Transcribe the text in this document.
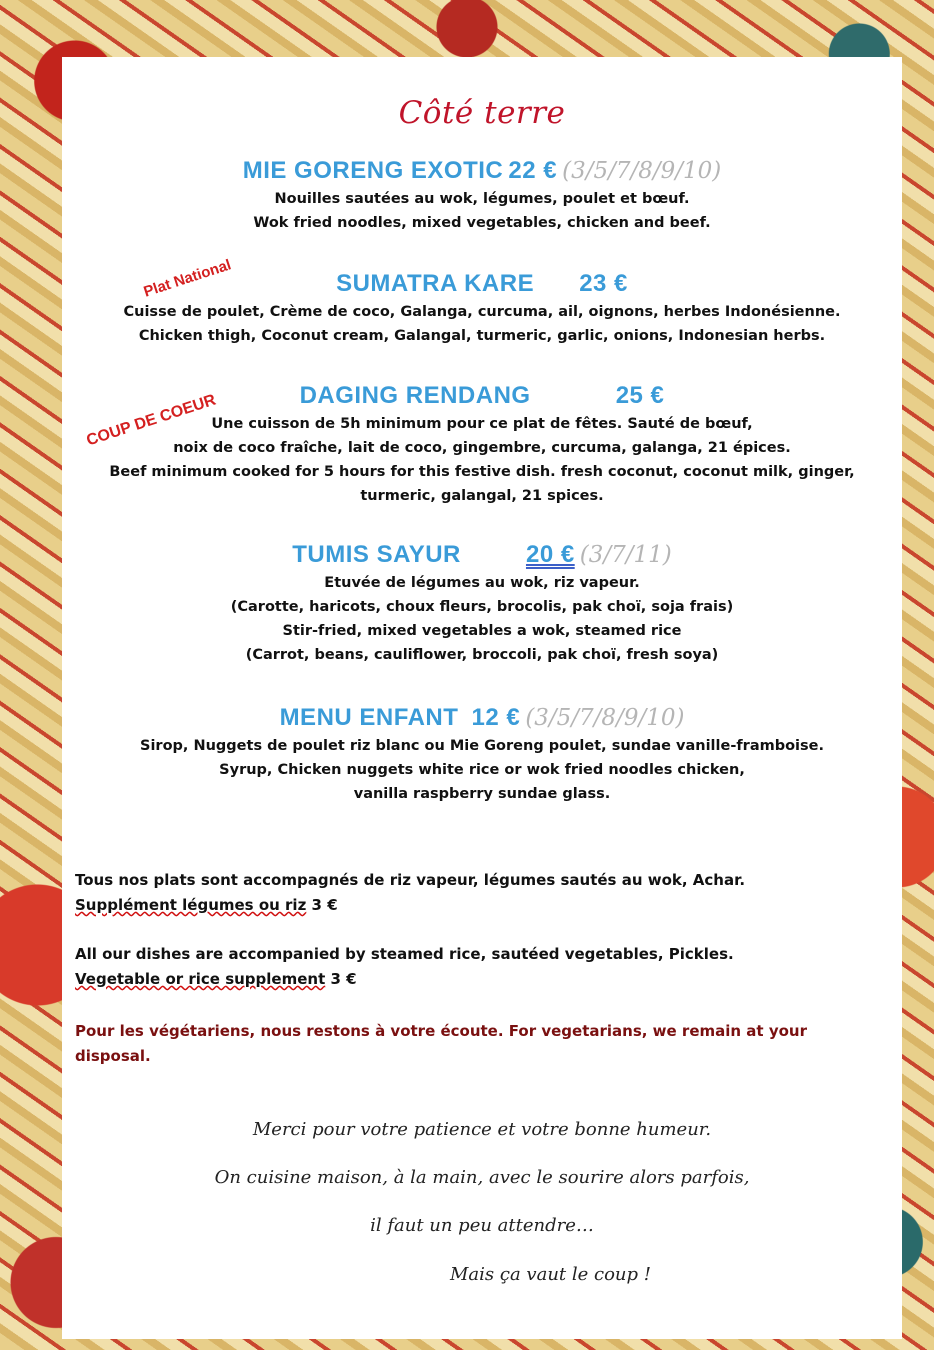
Côté terre
MIE GORENG EXOTIC 22 € (3/5/7/8/9/10)
Nouilles sautées au wok, légumes, poulet et bœuf.
Wok fried noodles, mixed vegetables, chicken and beef.
Plat National	SUMATRA KARE 23 €
Cuisse de poulet, Crème de coco, Galanga, curcuma, ail, oignons, herbes Indonésienne.
Chicken thigh, Coconut cream, Galangal, turmeric, garlic, onions, Indonesian herbs.
COUP DE COEUR	DAGING RENDANG	25 €
Une cuisson de 5h minimum pour ce plat de fêtes. Sauté de bœuf,
noix de coco fraîche, lait de coco, gingembre, curcuma, galanga, 21 épices.
Beef minimum cooked for 5 hours for this festive dish. fresh coconut, coconut milk, ginger,
turmeric, galangal, 21 spices.
TUMIS SAYUR	20 € (3/7/11)
Etuvée de légumes au wok, riz vapeur.
(Carotte, haricots, choux fleurs, brocolis, pak choï, soja frais)
Stir-fried, mixed vegetables a wok, steamed rice
(Carrot, beans, cauliflower, broccoli, pak choï, fresh soya)
MENU ENFANT 12 € (3/5/7/8/9/10)
Sirop, Nuggets de poulet riz blanc ou Mie Goreng poulet, sundae vanille-framboise.
Syrup, Chicken nuggets white rice or wok fried noodles chicken,
vanilla raspberry sundae glass.
Tous nos plats sont accompagnés de riz vapeur, légumes sautés au wok, Achar.
Supplément légumes ou riz 3 €
All our dishes are accompanied by steamed rice, sautéed vegetables, Pickles.
Vegetable or rice supplement 3 €
Pour les végétariens, nous restons à votre écoute. For vegetarians, we remain at your disposal.
Merci pour votre patience et votre bonne humeur.
On cuisine maison, à la main, avec le sourire alors parfois,
il faut un peu attendre…
Mais ça vaut le coup !
